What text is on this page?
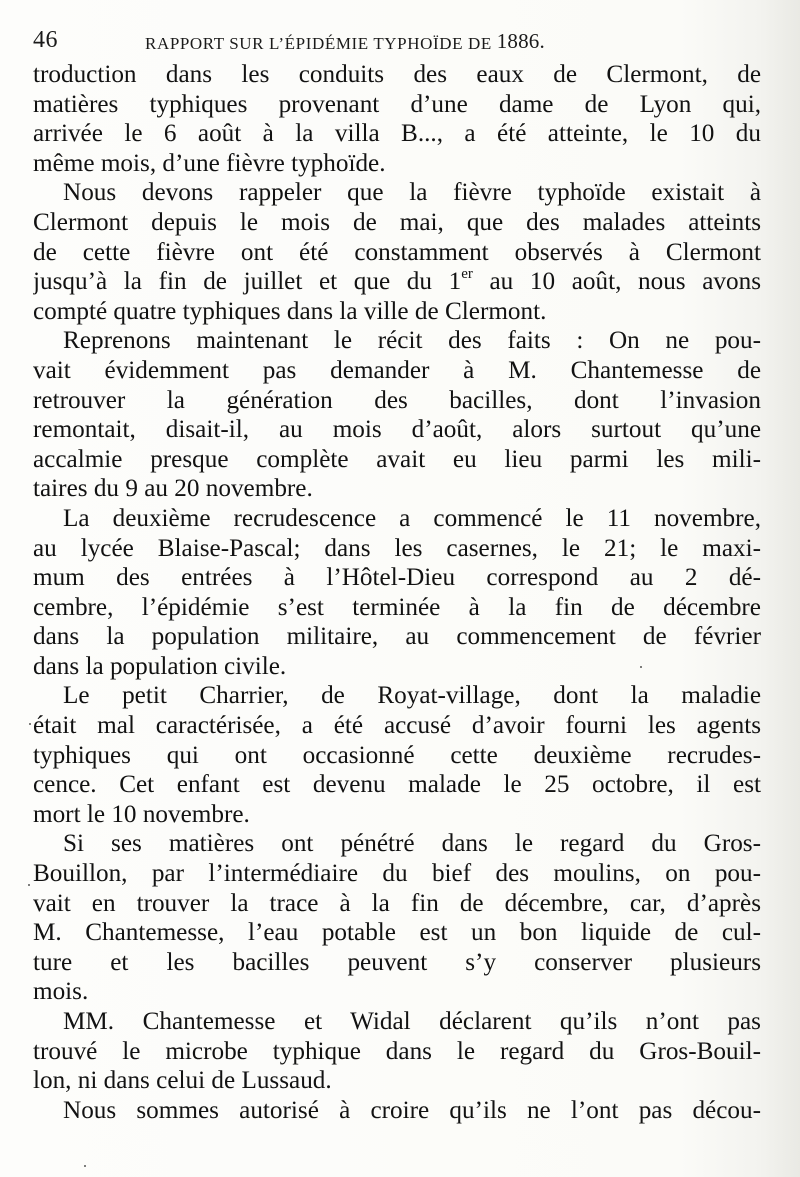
46	RAPPORT SUR L’ÉPIDÉMIE TYPHOÏDE DE 1886.
troduction dans les conduits des eaux de Clermont, de
matières typhiques provenant d’une dame de Lyon qui,
arrivée le 6 août à la villa B..., a été atteinte, le 10 du
même mois, d’une fièvre typhoïde.
Nous devons rappeler que la fièvre typhoïde existait à
Clermont depuis le mois de mai, que des malades atteints
de cette fièvre ont été constamment observés à Clermont
jusqu’à la fin de juillet et que du 1er au 10 août, nous avons
compté quatre typhiques dans la ville de Clermont.
Reprenons maintenant le récit des faits : On ne pou-
vait évidemment pas demander à M. Chantemesse de
retrouver la génération des bacilles, dont l’invasion
remontait, disait-il, au mois d’août, alors surtout qu’une
accalmie presque complète avait eu lieu parmi les mili-
taires du 9 au 20 novembre.
La deuxième recrudescence a commencé le 11 novembre,
au lycée Blaise-Pascal; dans les casernes, le 21; le maxi-
mum des entrées à l’Hôtel-Dieu correspond au 2 dé-
cembre, l’épidémie s’est terminée à la fin de décembre
dans la population militaire, au commencement de février
dans la population civile.
Le petit Charrier, de Royat-village, dont la maladie
était mal caractérisée, a été accusé d’avoir fourni les agents
typhiques qui ont occasionné cette deuxième recrudes-
cence. Cet enfant est devenu malade le 25 octobre, il est
mort le 10 novembre.
Si ses matières ont pénétré dans le regard du Gros-
Bouillon, par l’intermédiaire du bief des moulins, on pou-
vait en trouver la trace à la fin de décembre, car, d’après
M. Chantemesse, l’eau potable est un bon liquide de cul-
ture et les bacilles peuvent s’y conserver plusieurs
mois.
MM. Chantemesse et Widal déclarent qu’ils n’ont pas
trouvé le microbe typhique dans le regard du Gros-Bouil-
lon, ni dans celui de Lussaud.
Nous sommes autorisé à croire qu’ils ne l’ont pas décou-
